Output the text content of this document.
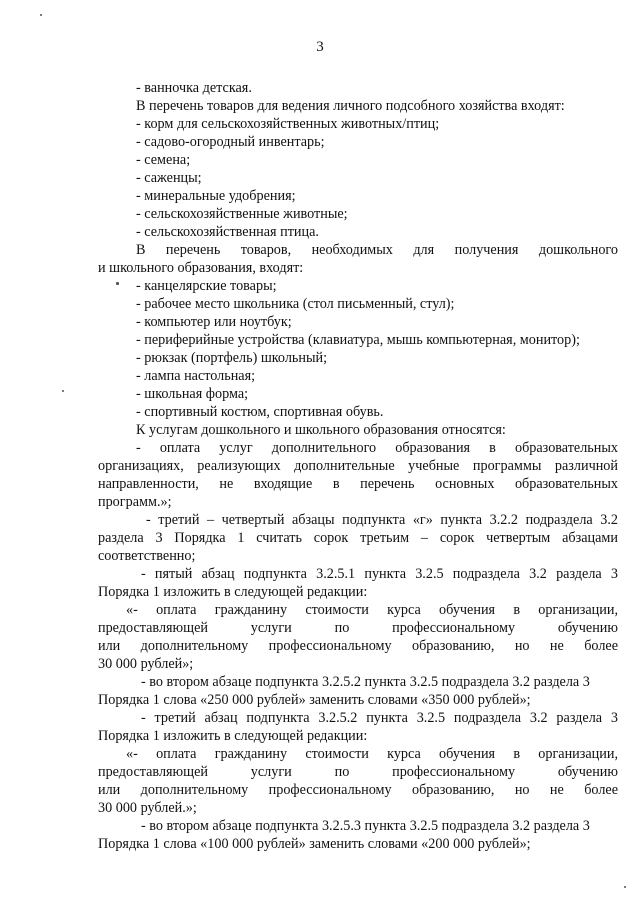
3
- ванночка детская.
В перечень товаров для ведения личного подсобного хозяйства входят:
- корм для сельскохозяйственных животных/птиц;
- садово-огородный инвентарь;
- семена;
- саженцы;
- минеральные удобрения;
- сельскохозяйственные животные;
- сельскохозяйственная птица.
В перечень товаров, необходимых для получения дошкольного
и школьного образования, входят:
- канцелярские товары;
- рабочее место школьника (стол письменный, стул);
- компьютер или ноутбук;
- периферийные устройства (клавиатура, мышь компьютерная, монитор);
- рюкзак (портфель) школьный;
- лампа настольная;
- школьная форма;
- спортивный костюм, спортивная обувь.
К услугам дошкольного и школьного образования относятся:
- оплата услуг дополнительного образования в образовательных
организациях, реализующих дополнительные учебные программы различной
направленности, не входящие в перечень основных образовательных
программ.»;
- третий – четвертый абзацы подпункта «г» пункта 3.2.2 подраздела 3.2
раздела 3 Порядка 1 считать сорок третьим – сорок четвертым абзацами
соответственно;
- пятый абзац подпункта 3.2.5.1 пункта 3.2.5 подраздела 3.2 раздела 3
Порядка 1 изложить в следующей редакции:
«- оплата гражданину стоимости курса обучения в организации,
предоставляющей услуги по профессиональному обучению
или дополнительному профессиональному образованию, но не более
30 000 рублей»;
- во втором абзаце подпункта 3.2.5.2 пункта 3.2.5 подраздела 3.2 раздела 3
Порядка 1 слова «250 000 рублей» заменить словами «350 000 рублей»;
- третий абзац подпункта 3.2.5.2 пункта 3.2.5 подраздела 3.2 раздела 3
Порядка 1 изложить в следующей редакции:
«- оплата гражданину стоимости курса обучения в организации,
предоставляющей услуги по профессиональному обучению
или дополнительному профессиональному образованию, но не более
30 000 рублей.»;
- во втором абзаце подпункта 3.2.5.3 пункта 3.2.5 подраздела 3.2 раздела 3
Порядка 1 слова «100 000 рублей» заменить словами «200 000 рублей»;
